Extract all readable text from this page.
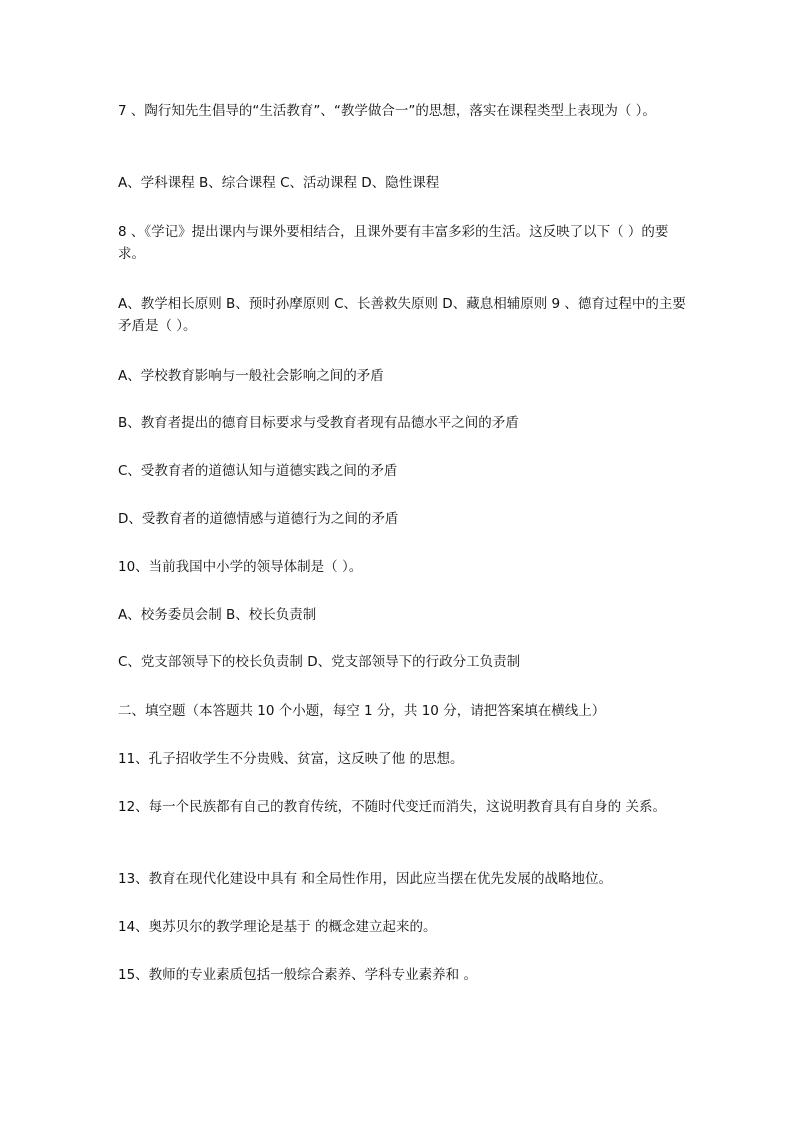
7 、陶行知先生倡导的“生活教育”、“教学做合一”的思想，落实在课程类型上表现为（ ）。

A、学科课程 B、综合课程 C、活动课程 D、隐性课程

8 、《学记》提出课内与课外要相结合，且课外要有丰富多彩的生活。这反映了以下（ ）的要求。

A、教学相长原则 B、预时孙摩原则 C、长善救失原则 D、藏息相辅原则 9 、德育过程中的主要矛盾是（ ）。

A、学校教育影响与一般社会影响之间的矛盾

B、教育者提出的德育目标要求与受教育者现有品德水平之间的矛盾

C、受教育者的道德认知与道德实践之间的矛盾

D、受教育者的道德情感与道德行为之间的矛盾

10、当前我国中小学的领导体制是（ ）。

A、校务委员会制 B、校长负责制

C、党支部领导下的校长负责制 D、党支部领导下的行政分工负责制

二、填空题（本答题共 10 个小题，每空 1 分，共 10 分，请把答案填在横线上）

11、孔子招收学生不分贵贱、贫富，这反映了他 的思想。

12、每一个民族都有自己的教育传统，不随时代变迁而消失，这说明教育具有自身的 关系。

13、教育在现代化建设中具有 和全局性作用，因此应当摆在优先发展的战略地位。

14、奥苏贝尔的教学理论是基于 的概念建立起来的。

15、教师的专业素质包括一般综合素养、学科专业素养和 。
